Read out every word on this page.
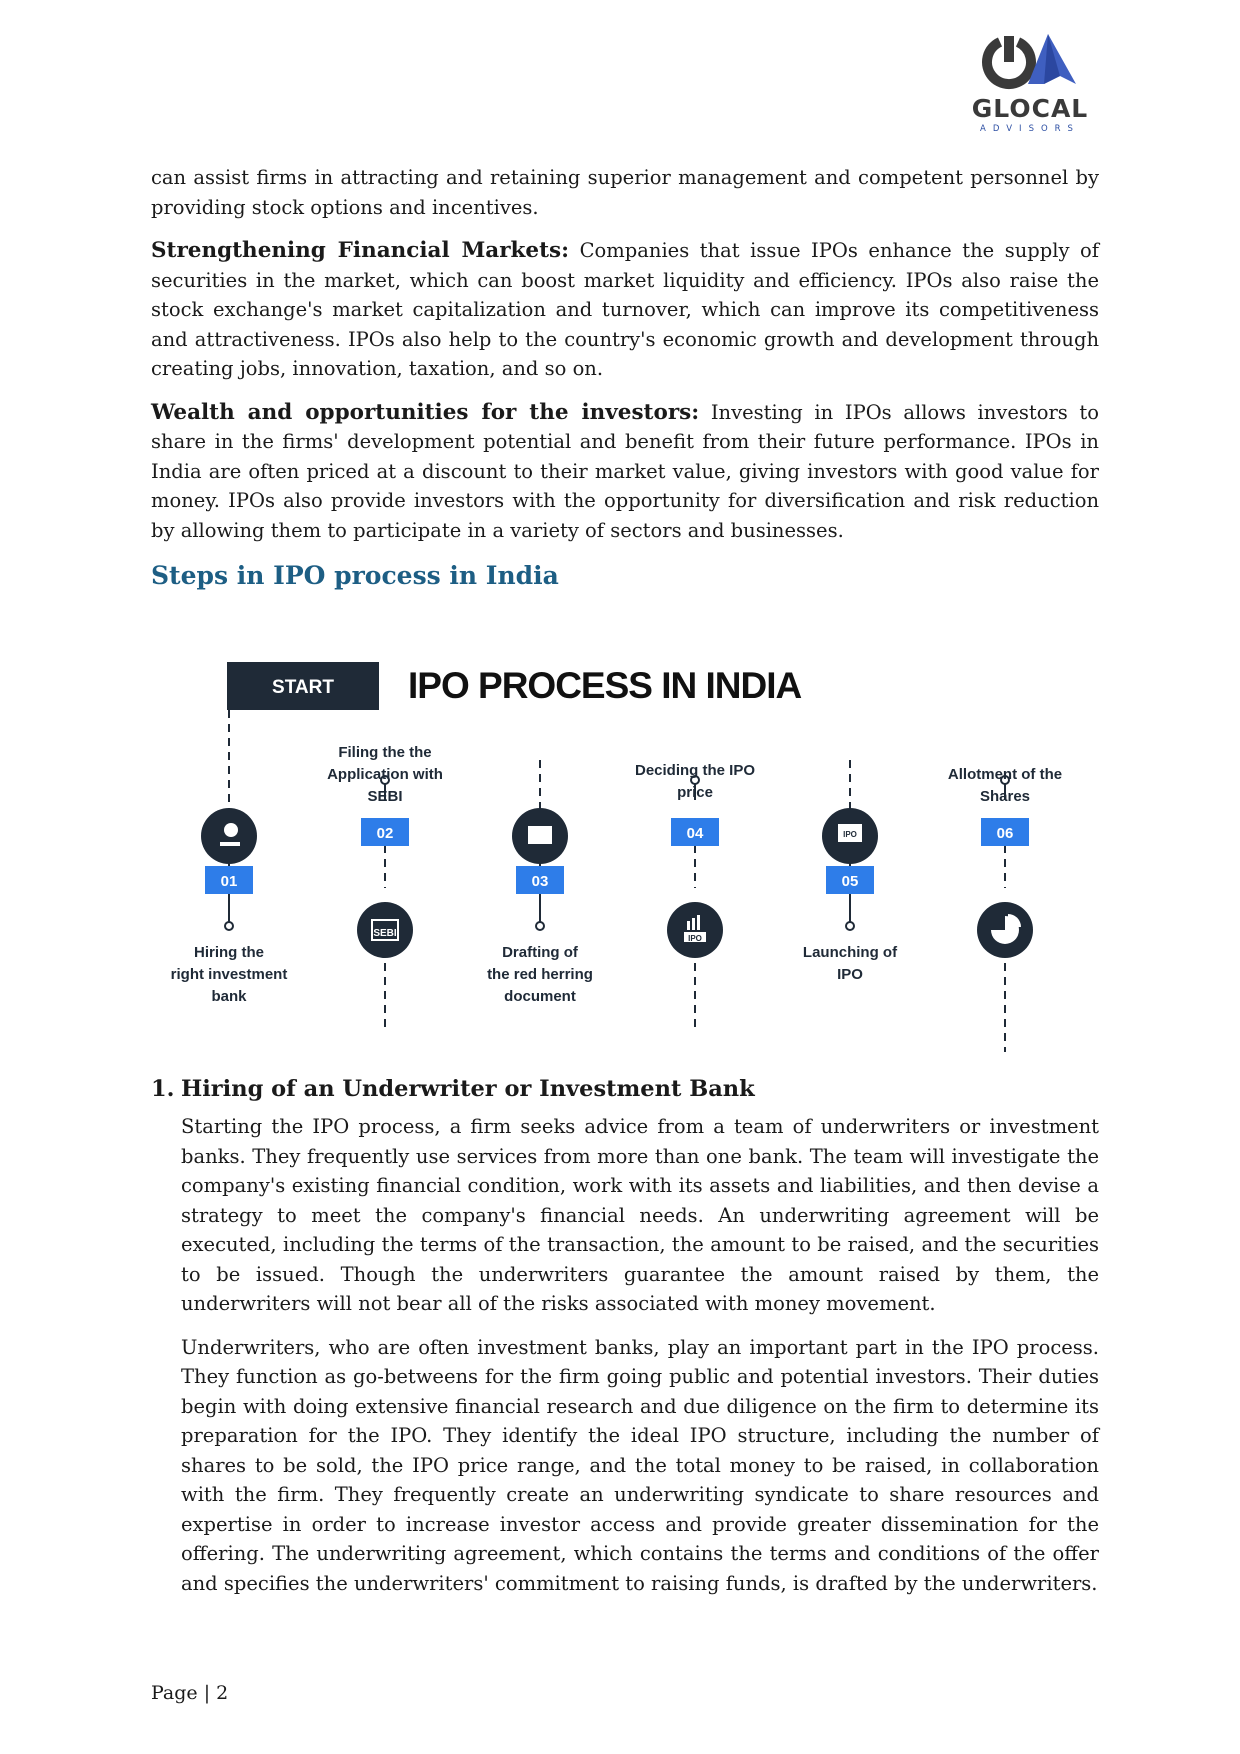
GLOCAL
ADVISORS

can assist firms in attracting and retaining superior management and competent personnel by providing stock options and incentives.

Strengthening Financial Markets: Companies that issue IPOs enhance the supply of securities in the market, which can boost market liquidity and efficiency. IPOs also raise the stock exchange's market capitalization and turnover, which can improve its competitiveness and attractiveness. IPOs also help to the country's economic growth and development through creating jobs, innovation, taxation, and so on.

Wealth and opportunities for the investors: Investing in IPOs allows investors to share in the firms' development potential and benefit from their future performance. IPOs in India are often priced at a discount to their market value, giving investors with good value for money. IPOs also provide investors with the opportunity for diversification and risk reduction by allowing them to participate in a variety of sectors and businesses.

Steps in IPO process in India
START IPO PROCESS IN INDIA
SEBI	IPO
IPO
01
02
03
04
05
06
Hiring the
right investment
bank
Filing the the
Application with
SEBI
Drafting of
the red herring
document
Deciding the IPO
price
Launching of
IPO
Allotment of the
Shares
1. Hiring of an Underwriter or Investment Bank

Starting the IPO process, a firm seeks advice from a team of underwriters or investment banks. They frequently use services from more than one bank. The team will investigate the company's existing financial condition, work with its assets and liabilities, and then devise a strategy to meet the company's financial needs. An underwriting agreement will be executed, including the terms of the transaction, the amount to be raised, and the securities to be issued. Though the underwriters guarantee the amount raised by them, the underwriters will not bear all of the risks associated with money movement.

Underwriters, who are often investment banks, play an important part in the IPO process. They function as go-betweens for the firm going public and potential investors. Their duties begin with doing extensive financial research and due diligence on the firm to determine its preparation for the IPO. They identify the ideal IPO structure, including the number of shares to be sold, the IPO price range, and the total money to be raised, in collaboration with the firm. They frequently create an underwriting syndicate to share resources and expertise in order to increase investor access and provide greater dissemination for the offering. The underwriting agreement, which contains the terms and conditions of the offer and specifies the underwriters' commitment to raising funds, is drafted by the underwriters.

Page | 2
